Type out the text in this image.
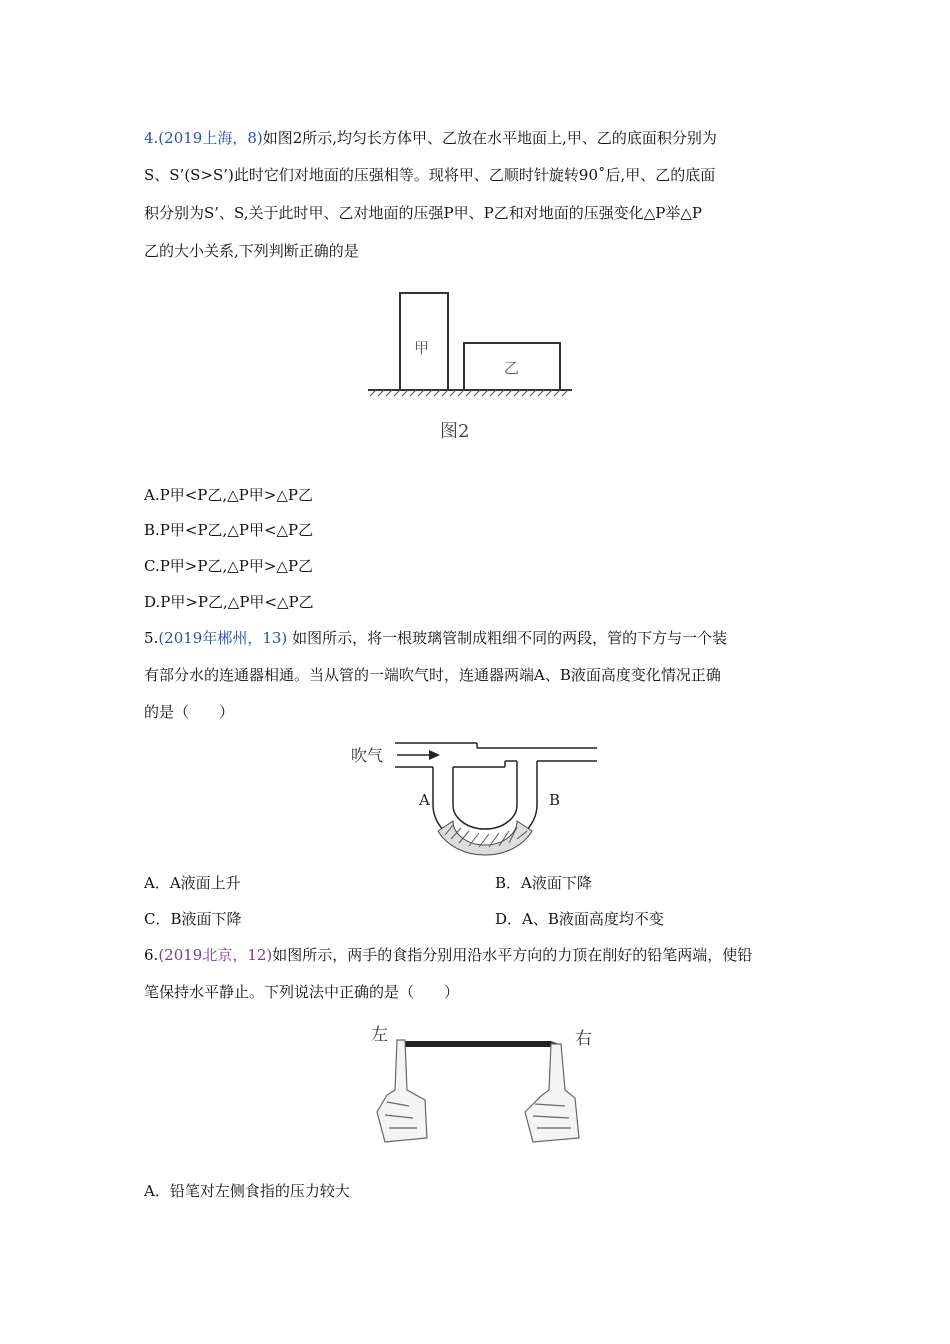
4.(2019上海，8)如图2所示,均匀长方体甲、乙放在水平地面上,甲、乙的底面积分别为
S、S’(S>S’)此时它们对地面的压强相等。现将甲、乙顺时针旋转90˚后,甲、乙的底面
积分别为S’、S,关于此时甲、乙对地面的压强P甲、P乙和对地面的压强变化△P举△P
乙的大小关系,下列判断正确的是
甲
乙
图2
A.P甲<P乙,△P甲>△P乙
B.P甲<P乙,△P甲<△P乙
C.P甲>P乙,△P甲>△P乙
D.P甲>P乙,△P甲<△P乙
5.(2019年郴州，13) 如图所示，将一根玻璃管制成粗细不同的两段，管的下方与一个装
有部分水的连通器相通。当从管的一端吹气时，连通器两端A、B液面高度变化情况正确
的是（　　）
吹气
A	B
A．A液面上升	B．A液面下降
C．B液面下降	D．A、B液面高度均不变
6.(2019北京，12)如图所示，两手的食指分别用沿水平方向的力顶在削好的铅笔两端，使铅
笔保持水平静止。下列说法中正确的是（　　）
左	右
A．铅笔对左侧食指的压力较大
